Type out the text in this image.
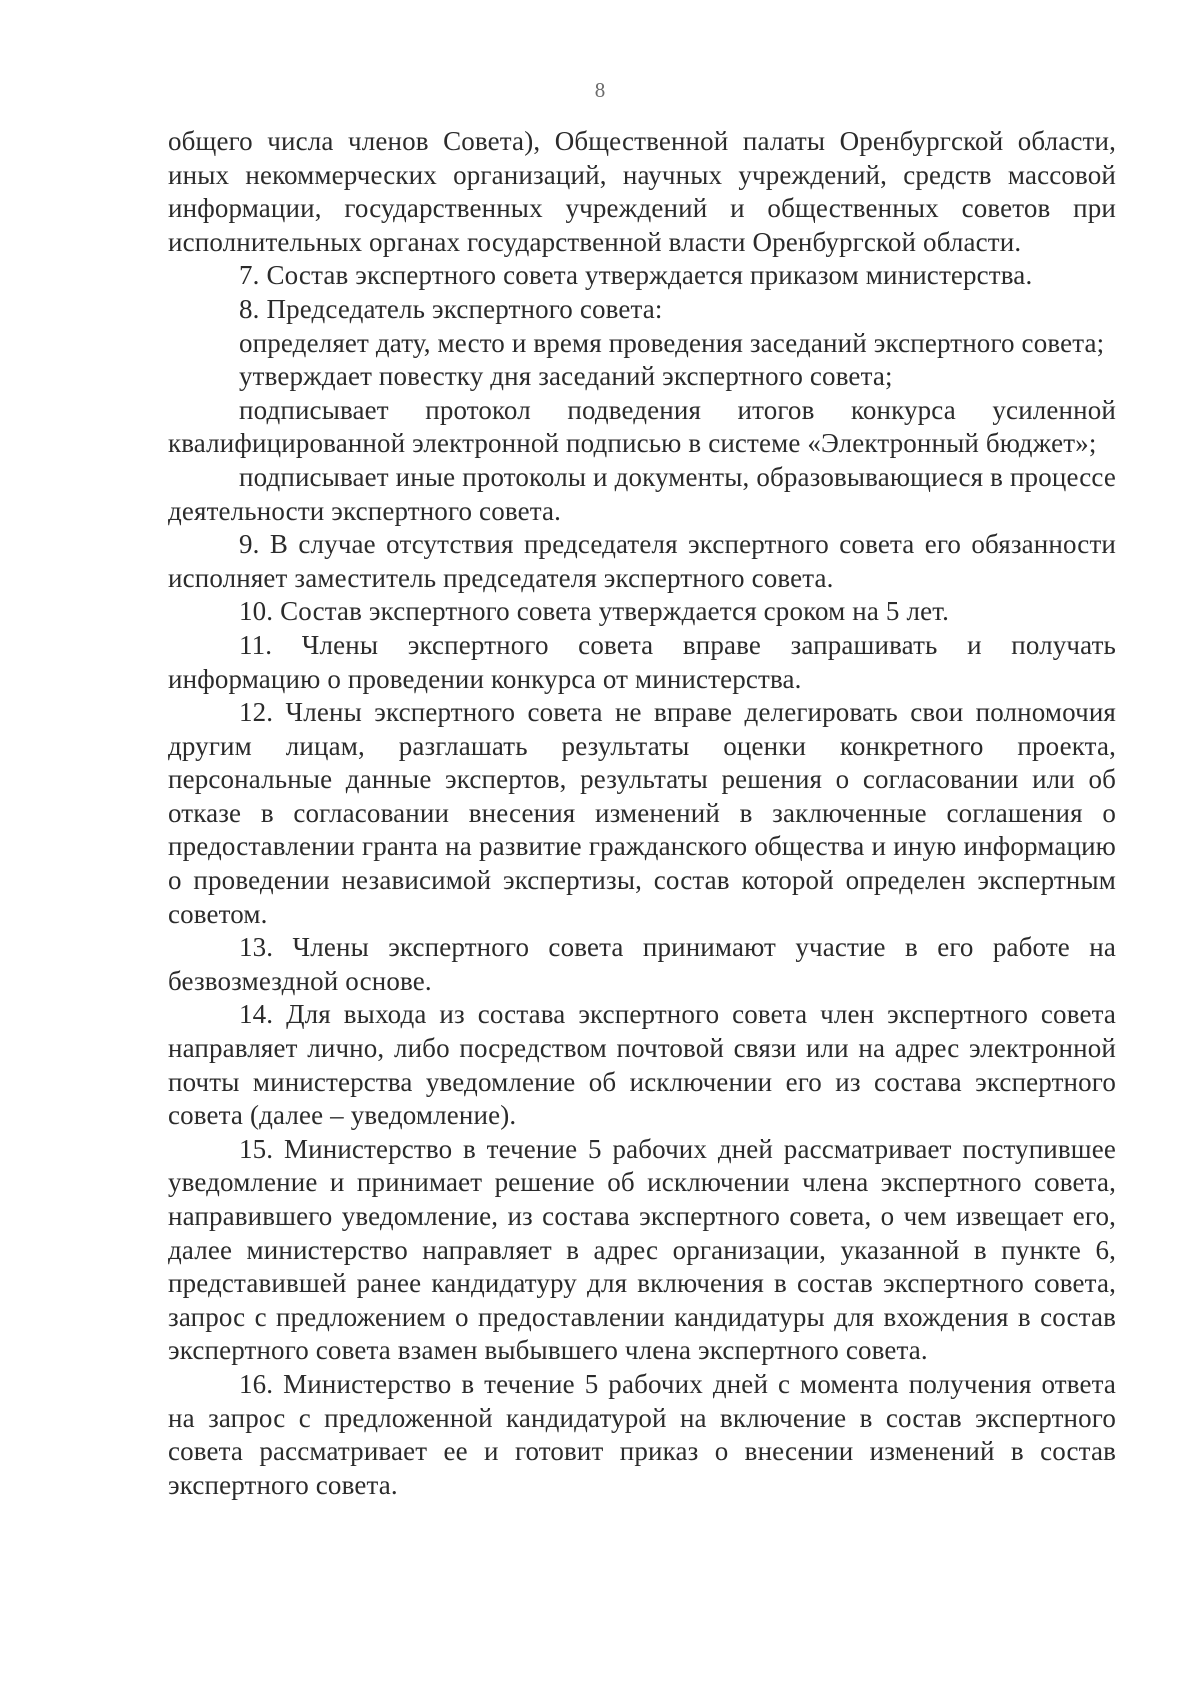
8

общего числа членов Совета), Общественной палаты Оренбургской области, иных некоммерческих организаций, научных учреждений, средств массовой информации, государственных учреждений и общественных советов при исполнительных органах государственной власти Оренбургской области.

7. Состав экспертного совета утверждается приказом министерства.

8. Председатель экспертного совета:

определяет дату, место и время проведения заседаний экспертного совета;

утверждает повестку дня заседаний экспертного совета;

подписывает протокол подведения итогов конкурса усиленной квалифицированной электронной подписью в системе «Электронный бюджет»;

подписывает иные протоколы и документы, образовывающиеся в процессе деятельности экспертного совета.

9. В случае отсутствия председателя экспертного совета его обязанности исполняет заместитель председателя экспертного совета.

10. Состав экспертного совета утверждается сроком на 5 лет.

11. Члены экспертного совета вправе запрашивать и получать информацию о проведении конкурса от министерства.

12. Члены экспертного совета не вправе делегировать свои полномочия другим лицам, разглашать результаты оценки конкретного проекта, персональные данные экспертов, результаты решения о согласовании или об отказе в согласовании внесения изменений в заключенные соглашения о предоставлении гранта на развитие гражданского общества и иную информацию о проведении независимой экспертизы, состав которой определен экспертным советом.

13. Члены экспертного совета принимают участие в его работе на безвозмездной основе.

14. Для выхода из состава экспертного совета член экспертного совета направляет лично, либо посредством почтовой связи или на адрес электронной почты министерства уведомление об исключении его из состава экспертного совета (далее – уведомление).

15. Министерство в течение 5 рабочих дней рассматривает поступившее уведомление и принимает решение об исключении члена экспертного совета, направившего уведомление, из состава экспертного совета, о чем извещает его, далее министерство направляет в адрес организации, указанной в пункте 6, представившей ранее кандидатуру для включения в состав экспертного совета, запрос с предложением о предоставлении кандидатуры для вхождения в состав экспертного совета взамен выбывшего члена экспертного совета.

16. Министерство в течение 5 рабочих дней с момента получения ответа на запрос с предложенной кандидатурой на включение в состав экспертного совета рассматривает ее и готовит приказ о внесении изменений в состав экспертного совета.
